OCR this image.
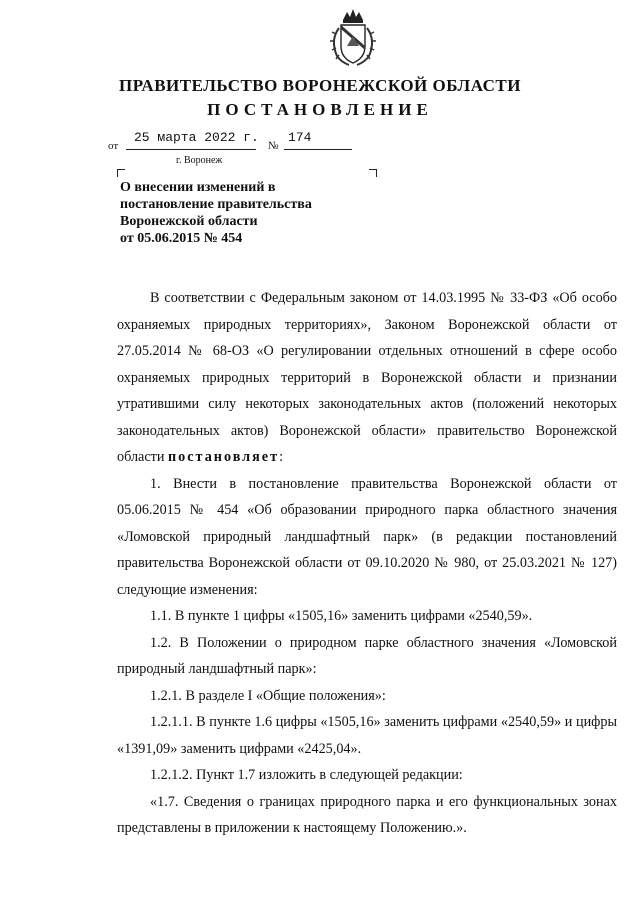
ПРАВИТЕЛЬСТВО ВОРОНЕЖСКОЙ ОБЛАСТИ
ПОСТАНОВЛЕНИЕ
от
25 марта 2022 г.
№
174
г. Воронеж
О внесении изменений в
постановление правительства
Воронежской области
от 05.06.2015 № 454
В соответствии с Федеральным законом от 14.03.1995 № 33-ФЗ «Об особо охраняемых природных территориях», Законом Воронежской области от 27.05.2014 № 68-ОЗ «О регулировании отдельных отношений в сфере особо охраняемых природных территорий в Воронежской области и признании утратившими силу некоторых законодательных актов (положений некоторых законодательных актов) Воронежской области» правительство Воронежской области постановляет:
1. Внести в постановление правительства Воронежской области от 05.06.2015 № 454 «Об образовании природного парка областного значения «Ломовской природный ландшафтный парк» (в редакции постановлений правительства Воронежской области от 09.10.2020 № 980, от 25.03.2021 № 127) следующие изменения:
1.1. В пункте 1 цифры «1505,16» заменить цифрами «2540,59».
1.2. В Положении о природном парке областного значения «Ломовской природный ландшафтный парк»:
1.2.1. В разделе I «Общие положения»:
1.2.1.1. В пункте 1.6 цифры «1505,16» заменить цифрами «2540,59» и цифры «1391,09» заменить цифрами «2425,04».
1.2.1.2. Пункт 1.7 изложить в следующей редакции:
«1.7. Сведения о границах природного парка и его функциональных зонах представлены в приложении к настоящему Положению.».
